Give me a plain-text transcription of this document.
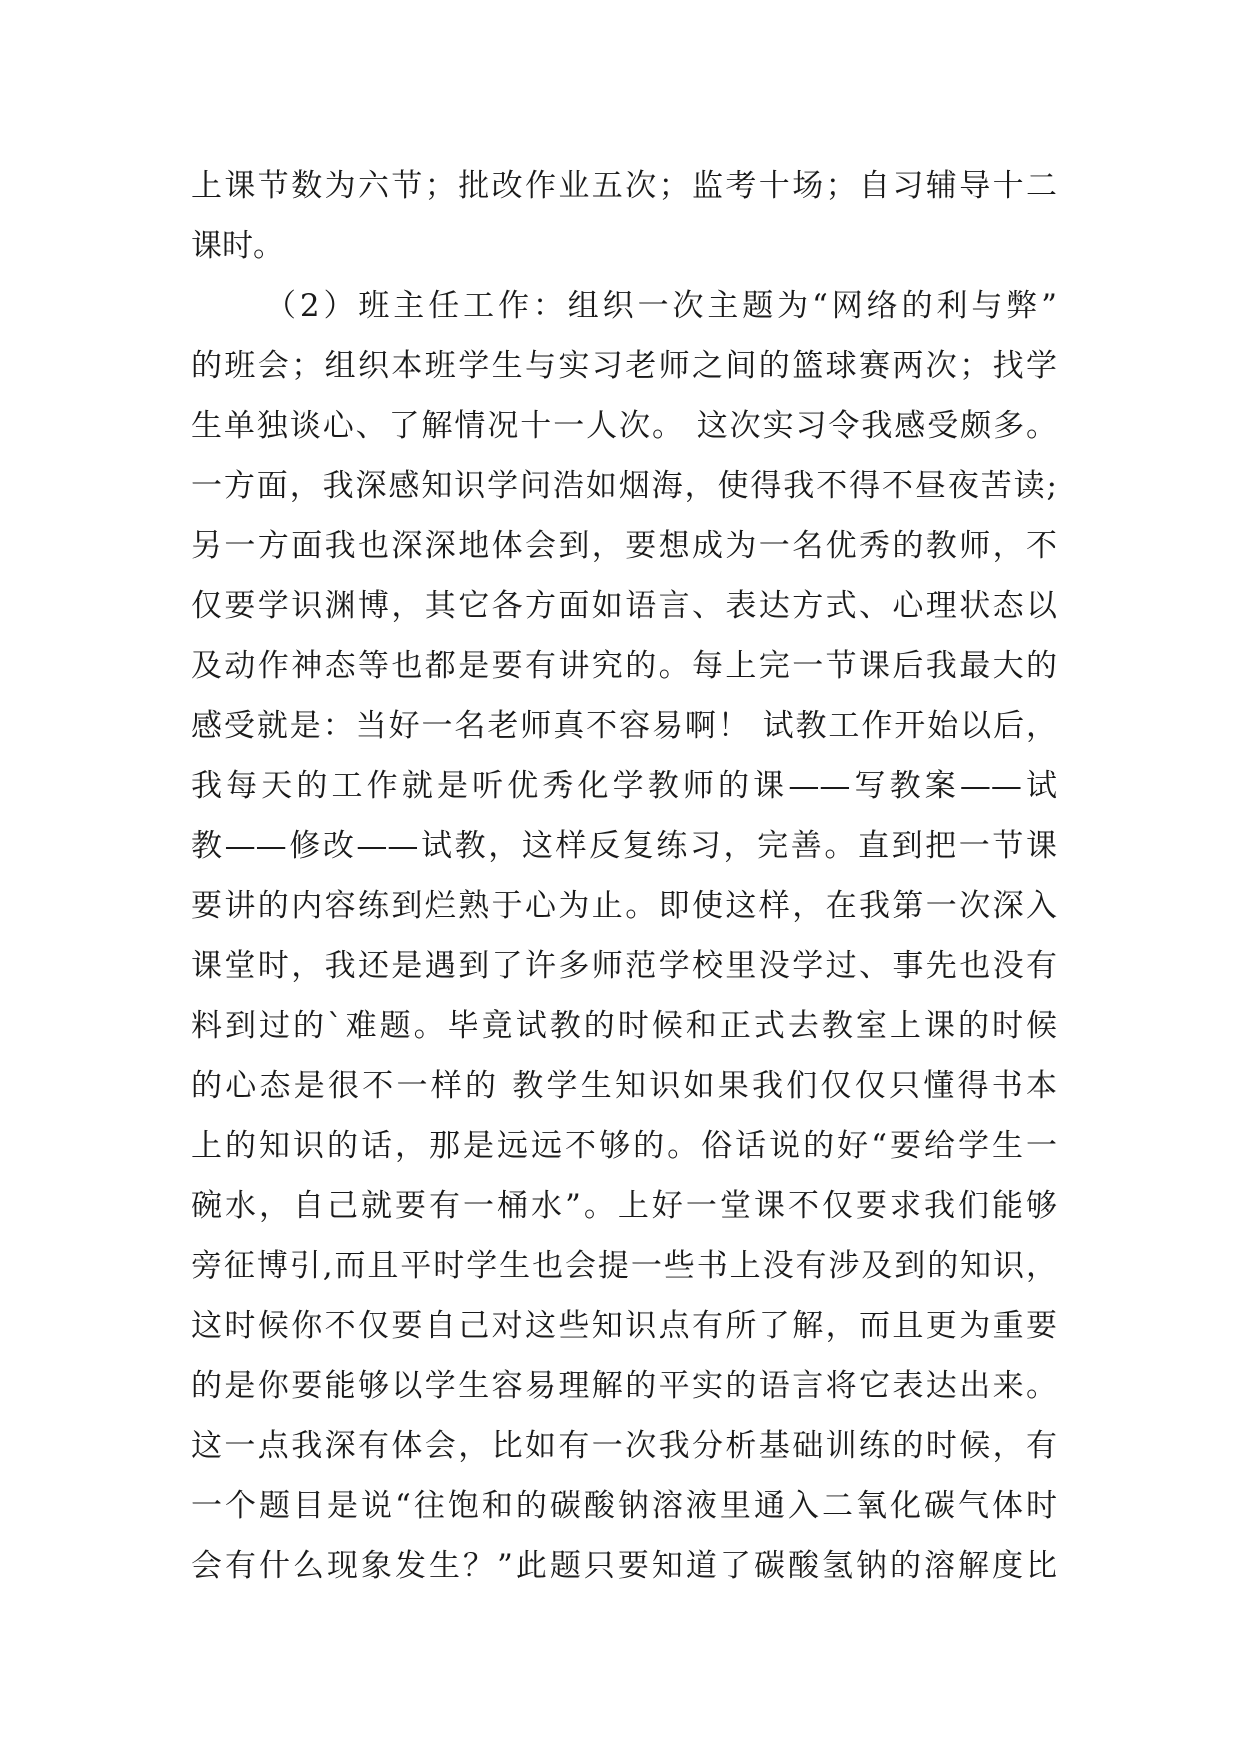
上课节数为六节；批改作业五次；监考十场；自习辅导十二
课时。
（2）班主任工作：组织一次主题为“网络的利与弊”
的班会；组织本班学生与实习老师之间的篮球赛两次；找学
生单独谈心、了解情况十一人次。 这次实习令我感受颇多。
一方面，我深感知识学问浩如烟海，使得我不得不昼夜苦读;
另一方面我也深深地体会到，要想成为一名优秀的教师，不
仅要学识渊博，其它各方面如语言、表达方式、心理状态以
及动作神态等也都是要有讲究的。每上完一节课后我最大的
感受就是：当好一名老师真不容易啊！ 试教工作开始以后，
我每天的工作就是听优秀化学教师的课——写教案——试
教——修改——试教，这样反复练习，完善。直到把一节课
要讲的内容练到烂熟于心为止。即使这样，在我第一次深入
课堂时，我还是遇到了许多师范学校里没学过、事先也没有
料到过的`难题。毕竟试教的时候和正式去教室上课的时候
的心态是很不一样的 教学生知识如果我们仅仅只懂得书本
上的知识的话，那是远远不够的。俗话说的好“要给学生一
碗水，自己就要有一桶水”。上好一堂课不仅要求我们能够
旁征博引,而且平时学生也会提一些书上没有涉及到的知识，
这时候你不仅要自己对这些知识点有所了解，而且更为重要
的是你要能够以学生容易理解的平实的语言将它表达出来。
这一点我深有体会，比如有一次我分析基础训练的时候，有
一个题目是说“往饱和的碳酸钠溶液里通入二氧化碳气体时
会有什么现象发生？”此题只要知道了碳酸氢钠的溶解度比
